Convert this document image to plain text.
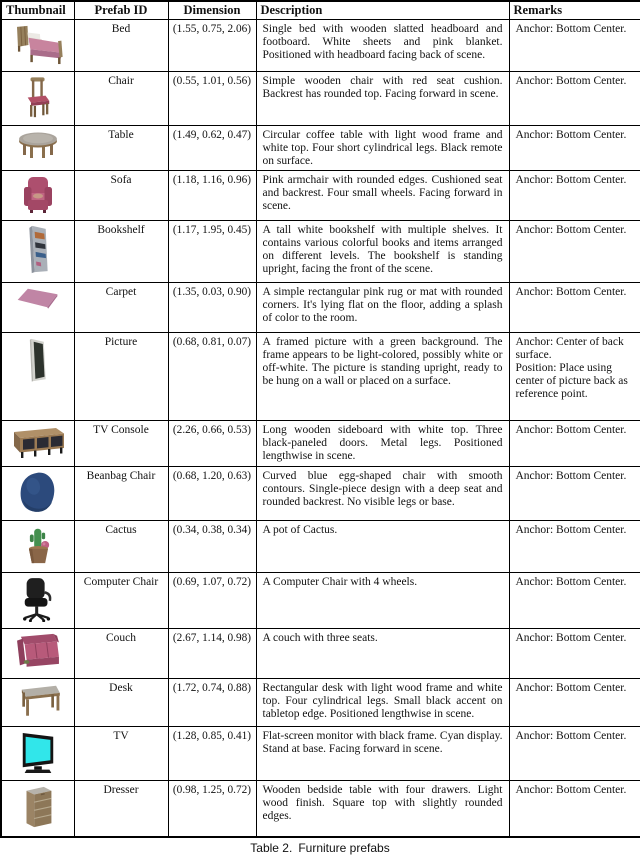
Thumbnail	Prefab ID	Dimension	Description	Remarks

	Bed	(1.55, 0.75, 2.06)	Single bed with wooden slatted headboard and footboard. White sheets and pink blanket. Positioned with headboard facing back of scene.	Anchor: Bottom Center.

	Chair	(0.55, 1.01, 0.56)	Simple wooden chair with red seat cushion. Backrest has rounded top. Facing forward in scene.	Anchor: Bottom Center.

	Table	(1.49, 0.62, 0.47)	Circular coffee table with light wood frame and white top. Four short cylindrical legs. Black remote on surface.	Anchor: Bottom Center.

	Sofa	(1.18, 1.16, 0.96)	Pink armchair with rounded edges. Cushioned seat and backrest. Four small wheels. Facing forward in scene.	Anchor: Bottom Center.

	Bookshelf	(1.17, 1.95, 0.45)	A tall white bookshelf with multiple shelves. It contains various colorful books and items arranged on different levels. The bookshelf is standing upright, facing the front of the scene.	Anchor: Bottom Center.

	Carpet	(1.35, 0.03, 0.90)	A simple rectangular pink rug or mat with rounded corners. It's lying flat on the floor, adding a splash of color to the room.	Anchor: Bottom Center.

	Picture	(0.68, 0.81, 0.07)	A framed picture with a green background. The frame appears to be light-colored, possibly white or off-white. The picture is standing upright, ready to be hung on a wall or placed on a surface.	Anchor: Center of back surface.
Position: Place using center of picture back as reference point.

	TV Console	(2.26, 0.66, 0.53)	Long wooden sideboard with white top. Three black-paneled doors. Metal legs. Positioned lengthwise in scene.	Anchor: Bottom Center.

	Beanbag Chair	(0.68, 1.20, 0.63)	Curved blue egg-shaped chair with smooth contours. Single-piece design with a deep seat and rounded backrest. No visible legs or base.	Anchor: Bottom Center.

	Cactus	(0.34, 0.38, 0.34)	A pot of Cactus.	Anchor: Bottom Center.

	Computer Chair	(0.69, 1.07, 0.72)	A Computer Chair with 4 wheels.	Anchor: Bottom Center.

	Couch	(2.67, 1.14, 0.98)	A couch with three seats.	Anchor: Bottom Center.

	Desk	(1.72, 0.74, 0.88)	Rectangular desk with light wood frame and white top. Four cylindrical legs. Small black accent on tabletop edge. Positioned lengthwise in scene.	Anchor: Bottom Center.

	TV	(1.28, 0.85, 0.41)	Flat-screen monitor with black frame. Cyan display. Stand at base. Facing forward in scene.	Anchor: Bottom Center.

	Dresser	(0.98, 1.25, 0.72)	Wooden bedside table with four drawers. Light wood finish. Square top with slightly rounded edges.	Anchor: Bottom Center.
Table 2. Furniture prefabs
